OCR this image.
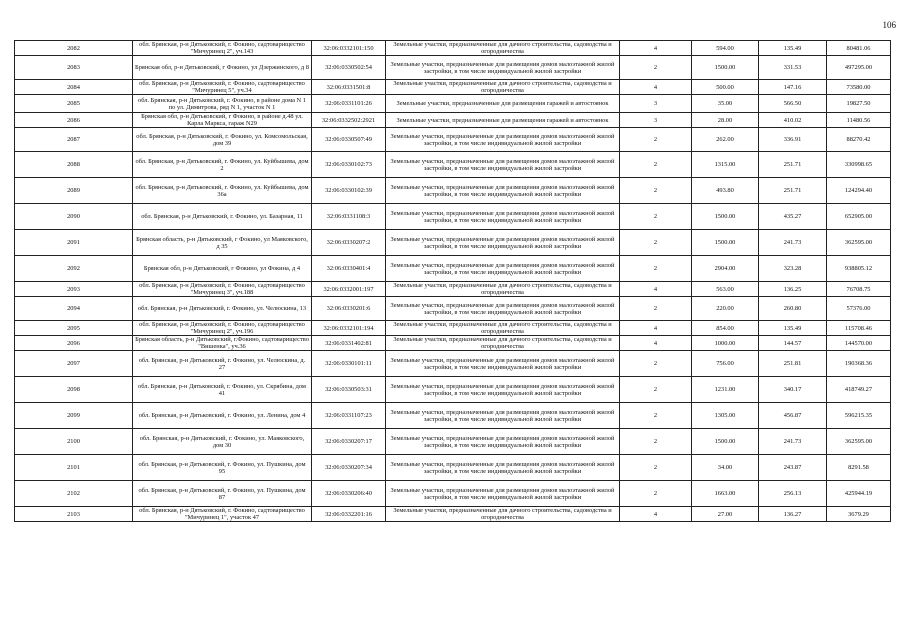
106
2082	обл. Брянская, р-н Дятьковский, г. Фокино, садтоварищество "Мичуринец 2", уч.143	32:06:0332101:150	Земельные участки, предназначенные для дачного строительства, садоводства и огородничества	4	594.00	135.49	80481.06
2083	Брянская обл, р-н Дятьковский, г Фокино, ул Дзержинского, д 8	32:06:0330502:54	Земельные участки, предназначенные для размещения домов малоэтажной жилой застройки, в том числе индивидуальной жилой застройки	2	1500.00	331.53	497295.00
2084	обл. Брянская, р-н Дятьковский, г. Фокино, садтоварищество "Мичуринец 5", уч.34	32:06:0331501:8	Земельные участки, предназначенные для дачного строительства, садоводства и огородничества	4	500.00	147.16	73580.00
2085	обл. Брянская, р-н Дятьковский, г. Фокино, в районе дома N 1 по ул. Димитрова, ряд N 1, участок N 1	32:06:0331101:26	Земельные участки, предназначенные для размещения гаражей и автостоянок	3	35.00	566.50	19827.50
2086	Брянская обл, р-н Дятьковский, г Фокино, в районе д.48 ул. Карла Маркса, гараж N29	32:06:0332502:2921	Земельные участки, предназначенные для размещения гаражей и автостоянок	3	28.00	410.02	11480.56
2087	обл. Брянская, р-н Дятьковский, г. Фокино, ул. Комсомольская, дом 39	32:06:0330507:49	Земельные участки, предназначенные для размещения домов малоэтажной жилой застройки, в том числе индивидуальной жилой застройки	2	262.00	336.91	88270.42
2088	обл. Брянская, р-н Дятьковский, г. Фокино, ул. Куйбышева, дом 2	32:06:0330102:73	Земельные участки, предназначенные для размещения домов малоэтажной жилой застройки, в том числе индивидуальной жилой застройки	2	1315.00	251.71	330998.65
2089	обл. Брянская, р-н Дятьковский, г. Фокино, ул. Куйбышева, дом 36а	32:06:0330102:39	Земельные участки, предназначенные для размещения домов малоэтажной жилой застройки, в том числе индивидуальной жилой застройки	2	493.80	251.71	124294.40
2090	обл. Брянская, р-н Дятьковский, г. Фокино, ул. Базарная, 11	32:06:0331108:3	Земельные участки, предназначенные для размещения домов малоэтажной жилой застройки, в том числе индивидуальной жилой застройки	2	1500.00	435.27	652905.00
2091	Брянская область, р-н Дятьковский, г Фокино, ул Маяковского, д 35	32:06:0330207:2	Земельные участки, предназначенные для размещения домов малоэтажной жилой застройки, в том числе индивидуальной жилой застройки	2	1500.00	241.73	362595.00
2092	Брянская обл, р-н Дятьковский, г Фокино, ул Фокина, д 4	32:06:0330401:4	Земельные участки, предназначенные для размещения домов малоэтажной жилой застройки, в том числе индивидуальной жилой застройки	2	2904.00	323.28	938805.12
2093	обл. Брянская, р-н Дятьковский, г. Фокино, садтоварищество "Мичуринец 3", уч.188	32:06:0332001:197	Земельные участки, предназначенные для дачного строительства, садоводства и огородничества	4	563.00	136.25	76708.75
2094	обл. Брянская, р-н Дятьковский, г. Фокино, ул. Челюскина, 13	32:06:0330201:6	Земельные участки, предназначенные для размещения домов малоэтажной жилой застройки, в том числе индивидуальной жилой застройки	2	220.00	260.80	57376.00
2095	обл. Брянская, р-н Дятьковский, г. Фокино, садтоварищество "Мичуринец 2", уч.196	32:06:0332101:194	Земельные участки, предназначенные для дачного строительства, садоводства и огородничества	4	854.00	135.49	115708.46
2096	Брянская область, р-н Дятьковский, г.Фокино, садтоварищество "Вишенка", уч.36	32:06:0331402:81	Земельные участки, предназначенные для дачного строительства, садоводства и огородничества	4	1000.00	144.57	144570.00
2097	обл. Брянская, р-н Дятьковский, г. Фокино, ул. Челюскина, д. 27	32:06:0330101:11	Земельные участки, предназначенные для размещения домов малоэтажной жилой застройки, в том числе индивидуальной жилой застройки	2	756.00	251.81	190368.36
2098	обл. Брянская, р-н Дятьковский, г. Фокино, ул. Скрябина, дом 41	32:06:0330503:31	Земельные участки, предназначенные для размещения домов малоэтажной жилой застройки, в том числе индивидуальной жилой застройки	2	1231.00	340.17	418749.27
2099	обл. Брянская, р-н Дятьковский, г. Фокино, ул. Ленина, дом 4	32:06:0331107:23	Земельные участки, предназначенные для размещения домов малоэтажной жилой застройки, в том числе индивидуальной жилой застройки	2	1305.00	456.87	596215.35
2100	обл. Брянская, р-н Дятьковский, г. Фокино, ул. Маяковского, дом 30	32:06:0330207:17	Земельные участки, предназначенные для размещения домов малоэтажной жилой застройки, в том числе индивидуальной жилой застройки	2	1500.00	241.73	362595.00
2101	обл. Брянская, р-н Дятьковский, г. Фокино, ул. Пушкина, дом 95	32:06:0330207:34	Земельные участки, предназначенные для размещения домов малоэтажной жилой застройки, в том числе индивидуальной жилой застройки	2	34.00	243.87	8291.58
2102	обл. Брянская, р-н Дятьковский, г. Фокино, ул. Пушкина, дом 87	32:06:0330206:40	Земельные участки, предназначенные для размещения домов малоэтажной жилой застройки, в том числе индивидуальной жилой застройки	2	1663.00	256.13	425944.19
2103	обл. Брянская, р-н Дятьковский, г. Фокино, садтоварищество "Мичуринец 1", участок 47	32:06:0332201:16	Земельные участки, предназначенные для дачного строительства, садоводства и огородничества	4	27.00	136.27	3679.29
